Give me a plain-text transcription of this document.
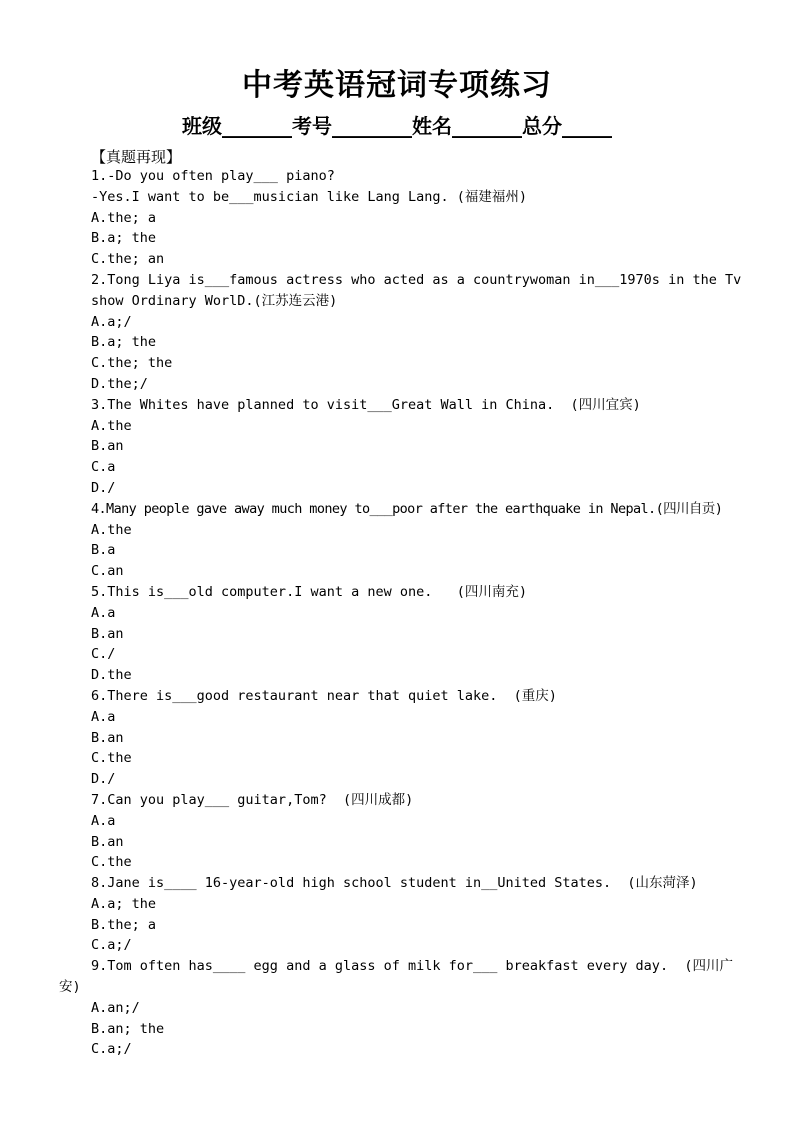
中考英语冠词专项练习
班级_______考号________姓名_______总分_____
【真题再现】
1.-Do you often play___ piano?
-Yes.I want to be___musician like Lang Lang. (福建福州)
A.the; a
B.a; the
C.the; an
2.Tong Liya is___famous actress who acted as a countrywoman in___1970s in the Tv
show Ordinary WorlD.(江苏连云港)
A.a;/
B.a; the
C.the; the
D.the;/
3.The Whites have planned to visit___Great Wall in China.  (四川宜宾)
A.the
B.an
C.a
D./
4.Many people gave away much money to___poor after the earthquake in Nepal.(四川自贡)
A.the
B.a
C.an
5.This is___old computer.I want a new one.   (四川南充)
A.a
B.an
C./
D.the
6.There is___good restaurant near that quiet lake.  (重庆)
A.a
B.an
C.the
D./
7.Can you play___ guitar,Tom?  (四川成都)
A.a
B.an
C.the
8.Jane is____ 16-year-old high school student in__United States.  (山东菏泽)
A.a; the
B.the; a
C.a;/
9.Tom often has____ egg and a glass of milk for___ breakfast every day.  (四川广
安)
A.an;/
B.an; the
C.a;/
